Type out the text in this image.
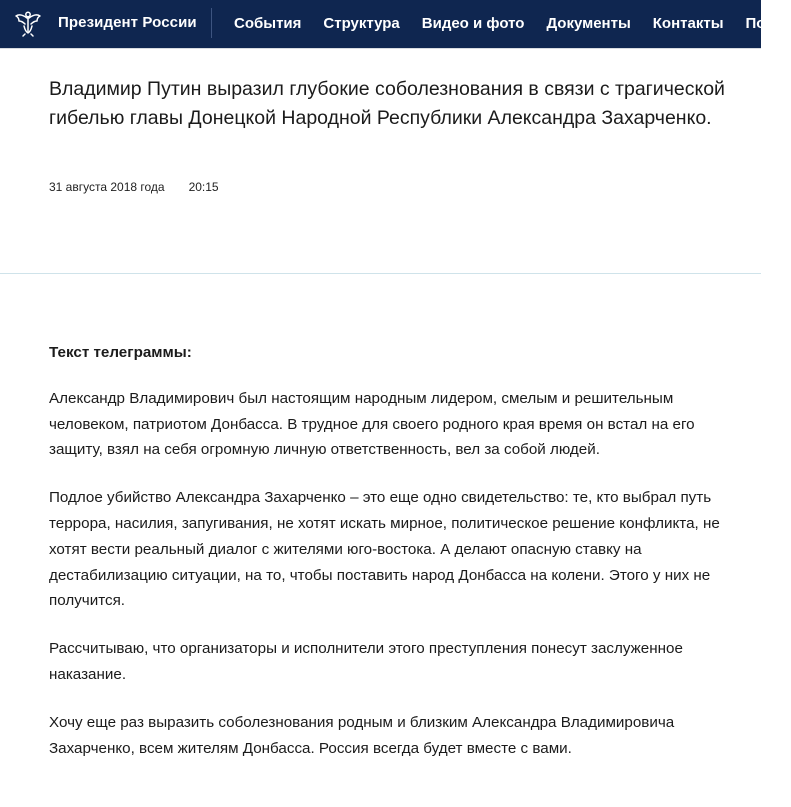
Президент России События Структура Видео и фото Документы Контакты Поиск
Владимир Путин выразил глубокие соболезнования в связи с трагической гибелью главы Донецкой Народной Республики Александра Захарченко.
31 августа 2018 года 20:15
Текст телеграммы:

Александр Владимирович был настоящим народным лидером, смелым и решительным человеком, патриотом Донбасса. В трудное для своего родного края время он встал на его защиту, взял на себя огромную личную ответственность, вел за собой людей.

Подлое убийство Александра Захарченко – это еще одно свидетельство: те, кто выбрал путь террора, насилия, запугивания, не хотят искать мирное, политическое решение конфликта, не хотят вести реальный диалог с жителями юго-востока. А делают опасную ставку на дестабилизацию ситуации, на то, чтобы поставить народ Донбасса на колени. Этого у них не получится.

Рассчитываю, что организаторы и исполнители этого преступления понесут заслуженное наказание.

Хочу еще раз выразить соболезнования родным и близким Александра Владимировича Захарченко, всем жителям Донбасса. Россия всегда будет вместе с вами.
